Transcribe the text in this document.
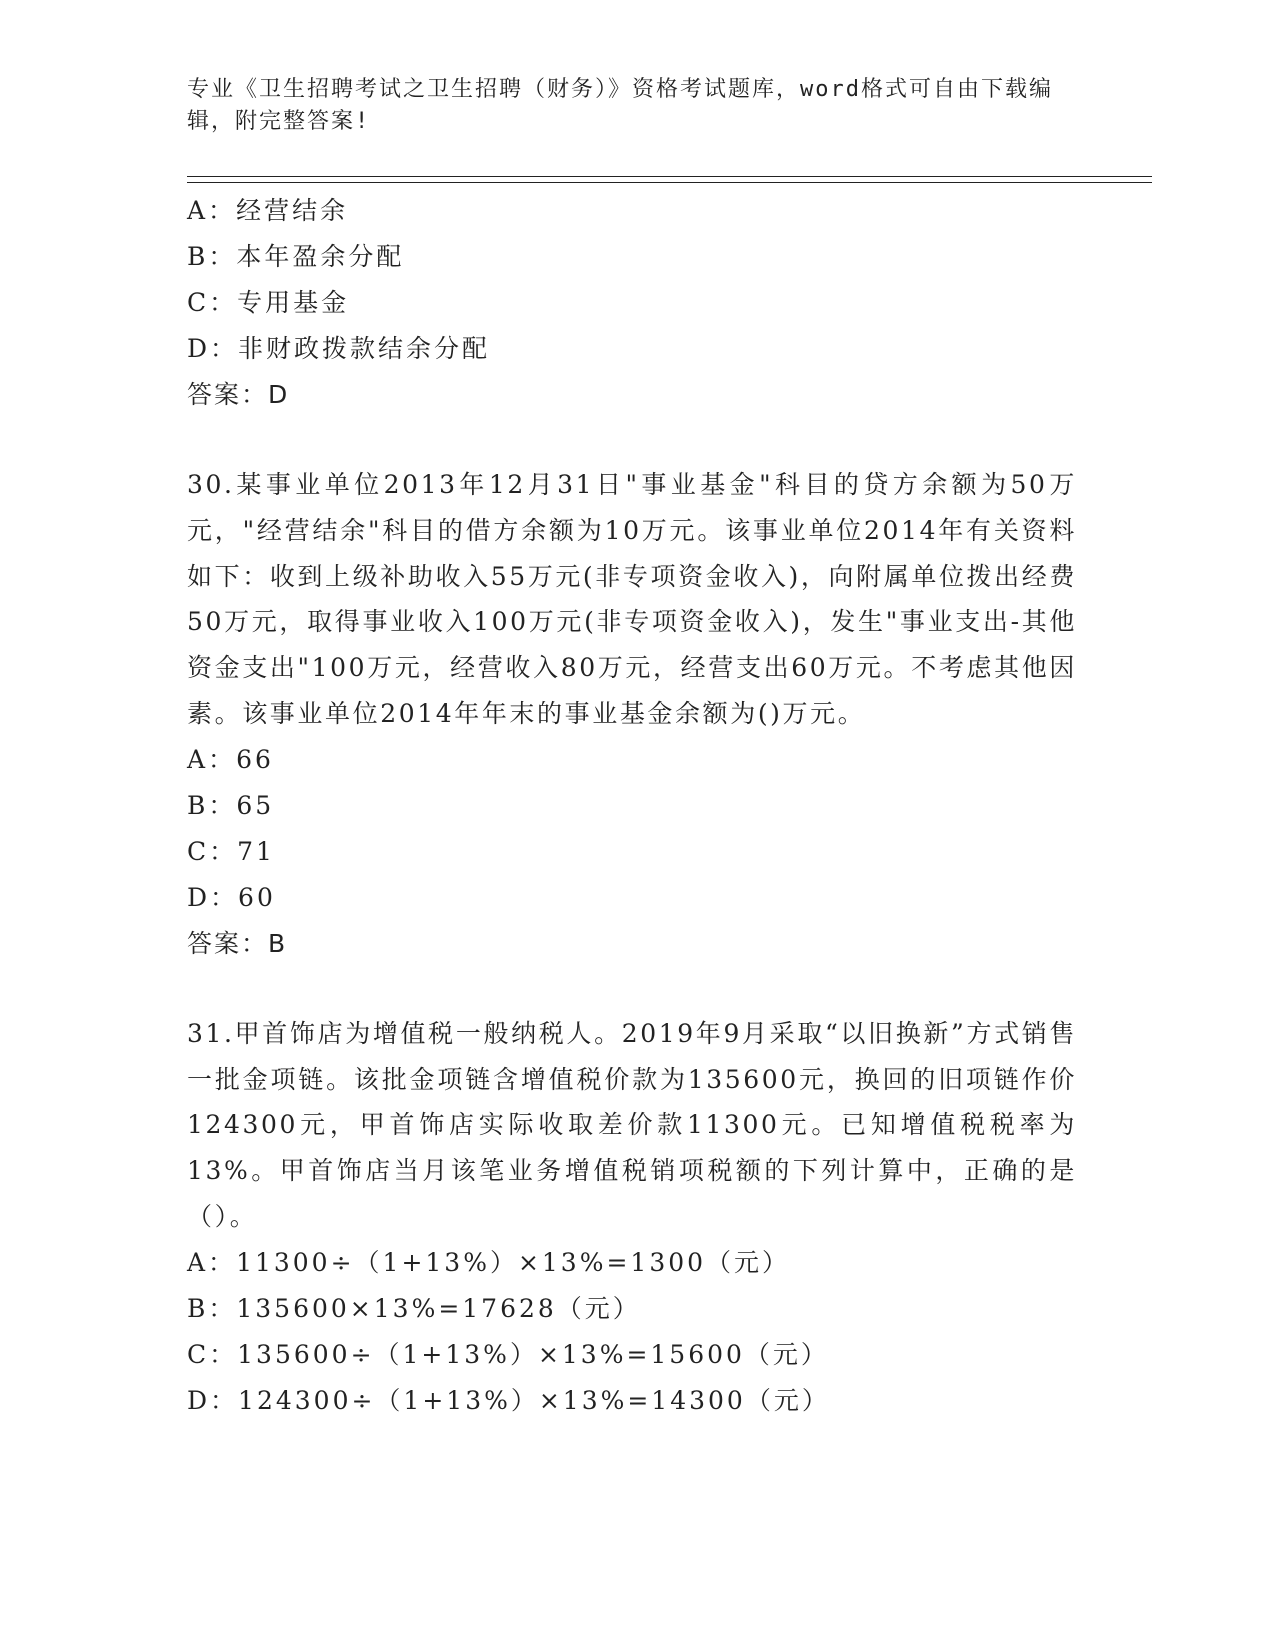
专业《卫生招聘考试之卫生招聘（财务）》资格考试题库，word格式可自由下载编辑，附完整答案!
A：经营结余
B：本年盈余分配
C：专用基金
D：非财政拨款结余分配
答案：D
30.某事业单位2013年12月31日"事业基金"科目的贷方余额为50万元，"经营结余"科目的借方余额为10万元。该事业单位2014年有关资料如下：收到上级补助收入55万元(非专项资金收入)，向附属单位拨出经费50万元，取得事业收入100万元(非专项资金收入)，发生"事业支出-其他资金支出"100万元，经营收入80万元，经营支出60万元。不考虑其他因素。该事业单位2014年年末的事业基金余额为()万元。
A：66
B：65
C：71
D：60
答案：B
31.甲首饰店为增值税一般纳税人。2019年9月采取“以旧换新”方式销售一批金项链。该批金项链含增值税价款为135600元，换回的旧项链作价124300元，甲首饰店实际收取差价款11300元。已知增值税税率为13%。甲首饰店当月该笔业务增值税销项税额的下列计算中，正确的是（）。
A：11300÷（1+13%）×13%=1300（元）
B：135600×13%=17628（元）
C：135600÷（1+13%）×13%=15600（元）
D：124300÷（1+13%）×13%=14300（元）
